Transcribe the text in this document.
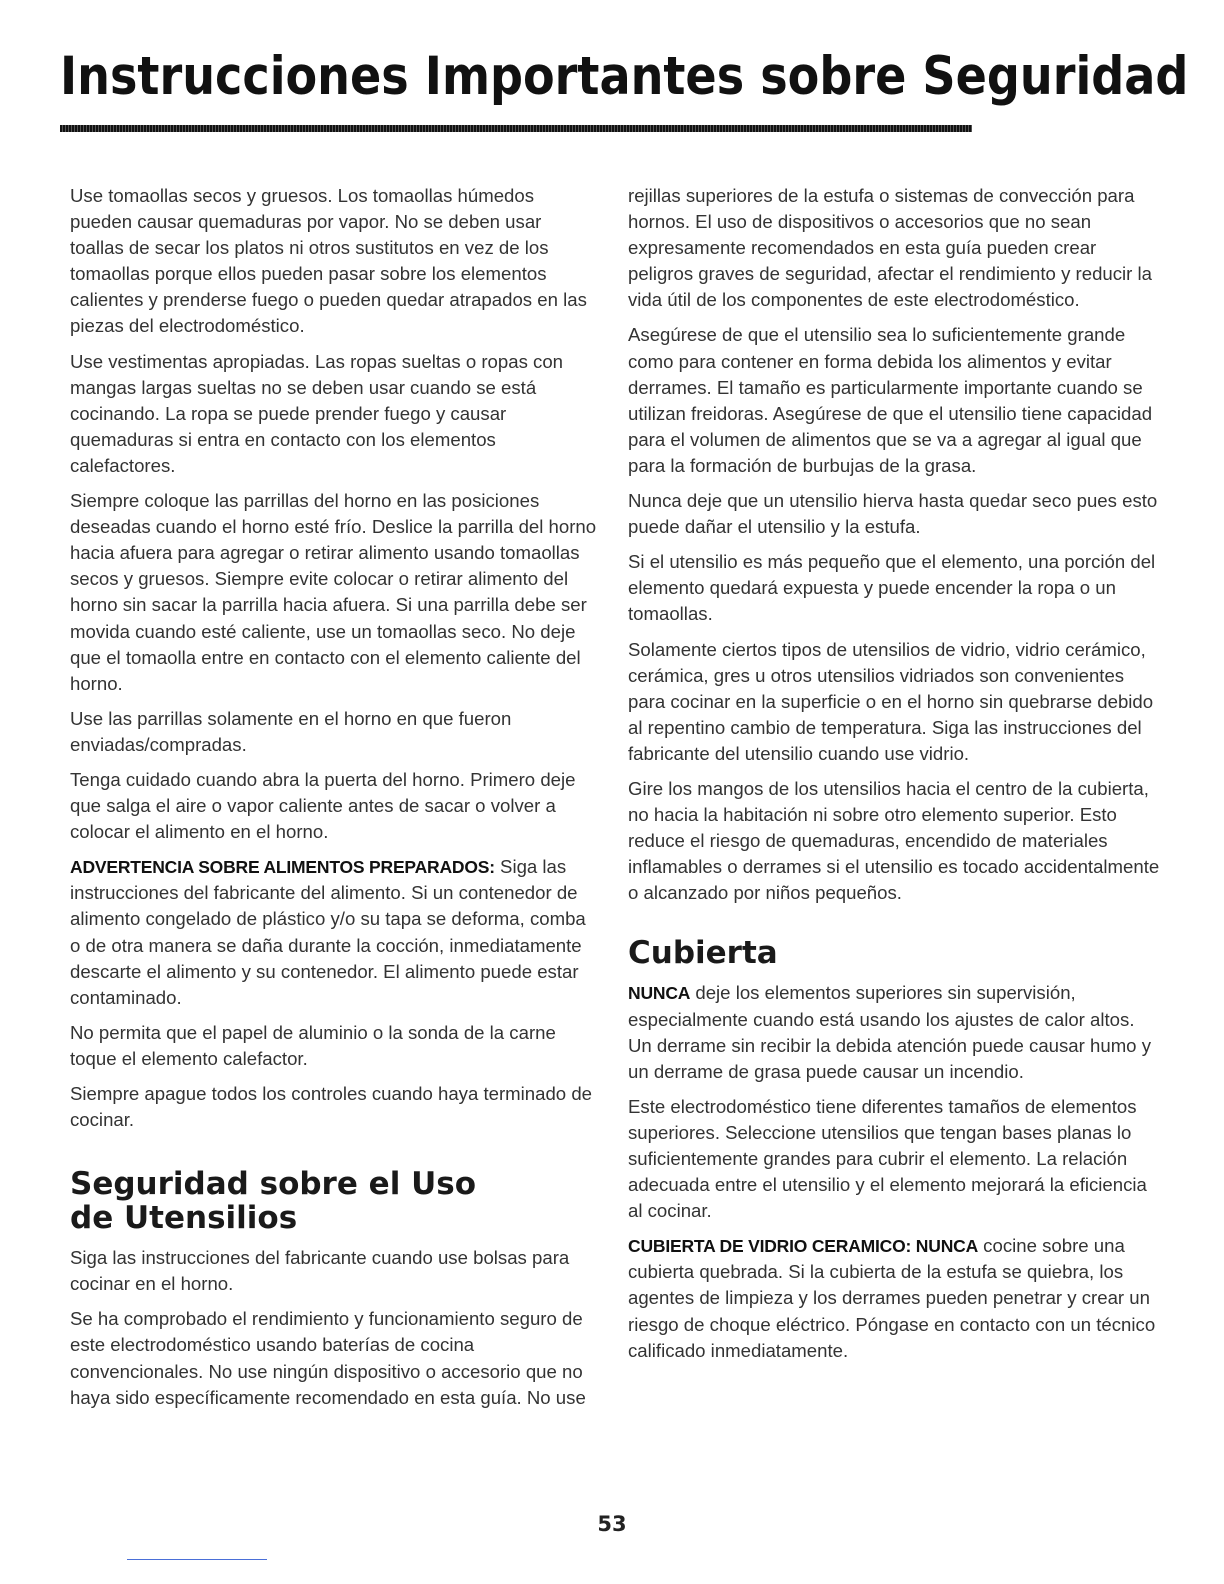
Instrucciones Importantes sobre Seguridad

Use tomaollas secos y gruesos. Los tomaollas húmedos pueden causar quemaduras por vapor. No se deben usar toallas de secar los platos ni otros sustitutos en vez de los tomaollas porque ellos pueden pasar sobre los elementos calientes y prenderse fuego o pueden quedar atrapados en las piezas del electrodoméstico.

Use vestimentas apropiadas. Las ropas sueltas o ropas con mangas largas sueltas no se deben usar cuando se está cocinando. La ropa se puede prender fuego y causar quemaduras si entra en contacto con los elementos calefactores.

Siempre coloque las parrillas del horno en las posiciones deseadas cuando el horno esté frío. Deslice la parrilla del horno hacia afuera para agregar o retirar alimento usando tomaollas secos y gruesos. Siempre evite colocar o retirar alimento del horno sin sacar la parrilla hacia afuera. Si una parrilla debe ser movida cuando esté caliente, use un tomaollas seco. No deje que el tomaolla entre en contacto con el elemento caliente del horno.

Use las parrillas solamente en el horno en que fueron enviadas/compradas.

Tenga cuidado cuando abra la puerta del horno. Primero deje que salga el aire o vapor caliente antes de sacar o volver a colocar el alimento en el horno.

ADVERTENCIA SOBRE ALIMENTOS PREPARADOS: Siga las instrucciones del fabricante del alimento. Si un contenedor de alimento congelado de plástico y/o su tapa se deforma, comba o de otra manera se daña durante la cocción, inmediatamente descarte el alimento y su contenedor. El alimento puede estar contaminado.

No permita que el papel de aluminio o la sonda de la carne toque el elemento calefactor.

Siempre apague todos los controles cuando haya terminado de cocinar.

Seguridad sobre el Uso
de Utensilios

Siga las instrucciones del fabricante cuando use bolsas para cocinar en el horno.

Se ha comprobado el rendimiento y funcionamiento seguro de este electrodoméstico usando baterías de cocina convencionales. No use ningún dispositivo o accesorio que no haya sido específicamente recomendado en esta guía. No use

rejillas superiores de la estufa o sistemas de convección para hornos. El uso de dispositivos o accesorios que no sean expresamente recomendados en esta guía pueden crear peligros graves de seguridad, afectar el rendimiento y reducir la vida útil de los componentes de este electrodoméstico.

Asegúrese de que el utensilio sea lo suficientemente grande como para contener en forma debida los alimentos y evitar derrames. El tamaño es particularmente importante cuando se utilizan freidoras. Asegúrese de que el utensilio tiene capacidad para el volumen de alimentos que se va a agregar al igual que para la formación de burbujas de la grasa.

Nunca deje que un utensilio hierva hasta quedar seco pues esto puede dañar el utensilio y la estufa.

Si el utensilio es más pequeño que el elemento, una porción del elemento quedará expuesta y puede encender la ropa o un tomaollas.

Solamente ciertos tipos de utensilios de vidrio, vidrio cerámico, cerámica, gres u otros utensilios vidriados son convenientes para cocinar en la superficie o en el horno sin quebrarse debido al repentino cambio de temperatura. Siga las instrucciones del fabricante del utensilio cuando use vidrio.

Gire los mangos de los utensilios hacia el centro de la cubierta, no hacia la habitación ni sobre otro elemento superior. Esto reduce el riesgo de quemaduras, encendido de materiales inflamables o derrames si el utensilio es tocado accidentalmente o alcanzado por niños pequeños.

Cubierta

NUNCA deje los elementos superiores sin supervisión, especialmente cuando está usando los ajustes de calor altos. Un derrame sin recibir la debida atención puede causar humo y un derrame de grasa puede causar un incendio.

Este electrodoméstico tiene diferentes tamaños de elementos superiores. Seleccione utensilios que tengan bases planas lo suficientemente grandes para cubrir el elemento. La relación adecuada entre el utensilio y el elemento mejorará la eficiencia al cocinar.

CUBIERTA DE VIDRIO CERAMICO: NUNCA cocine sobre una cubierta quebrada. Si la cubierta de la estufa se quiebra, los agentes de limpieza y los derrames pueden penetrar y crear un riesgo de choque eléctrico. Póngase en contacto con un técnico calificado inmediatamente.

53
